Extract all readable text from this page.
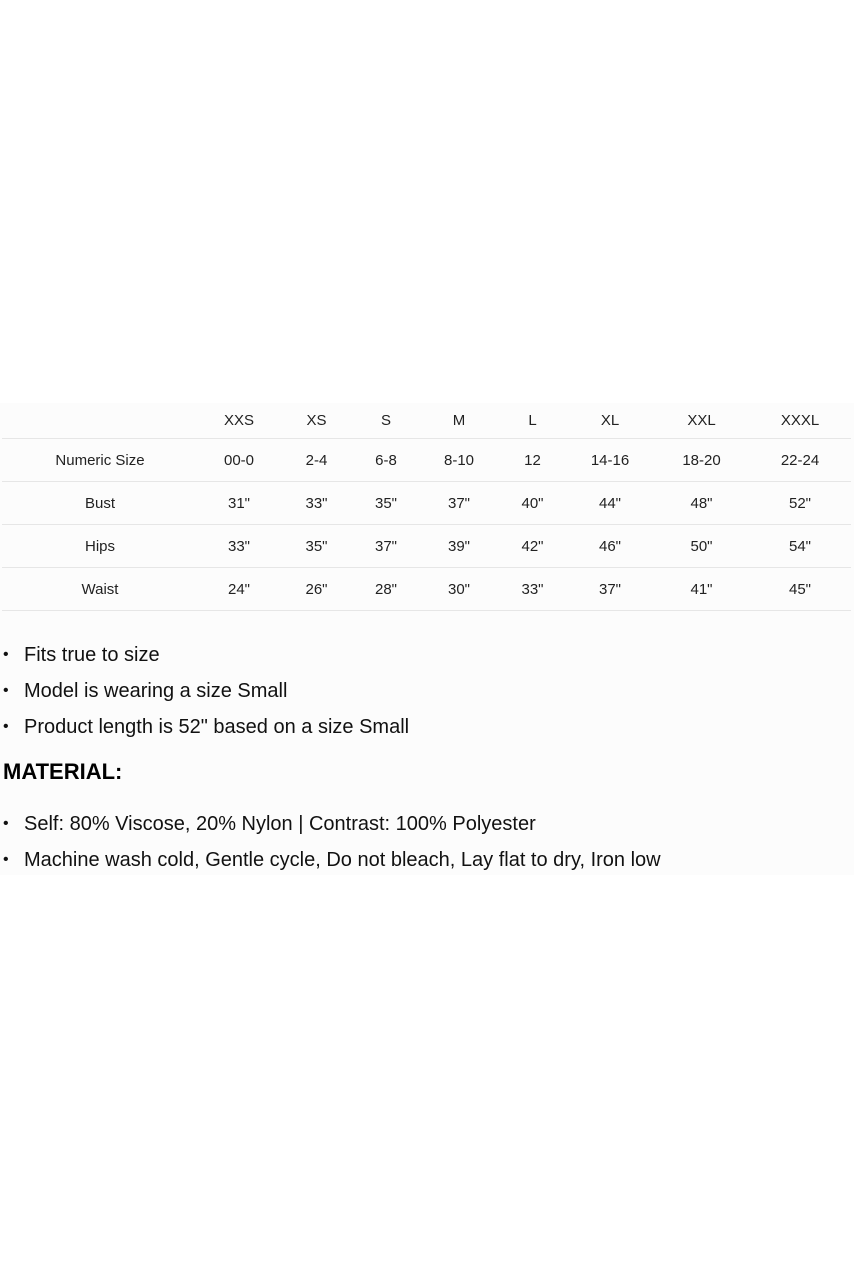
	XXS	XS	S	M	L	XL	XXL	XXXL
Numeric Size	00-0	2-4	6-8	8-10	12	14-16	18-20	22-24
Bust	31"	33"	35"	37"	40"	44"	48"	52"
Hips	33"	35"	37"	39"	42"	46"	50"	54"
Waist	24"	26"	28"	30"	33"	37"	41"	45"
• Fits true to size
• Model is wearing a size Small
• Product length is 52" based on a size Small
MATERIAL:
• Self: 80% Viscose, 20% Nylon | Contrast: 100% Polyester
• Machine wash cold, Gentle cycle, Do not bleach, Lay flat to dry, Iron low
